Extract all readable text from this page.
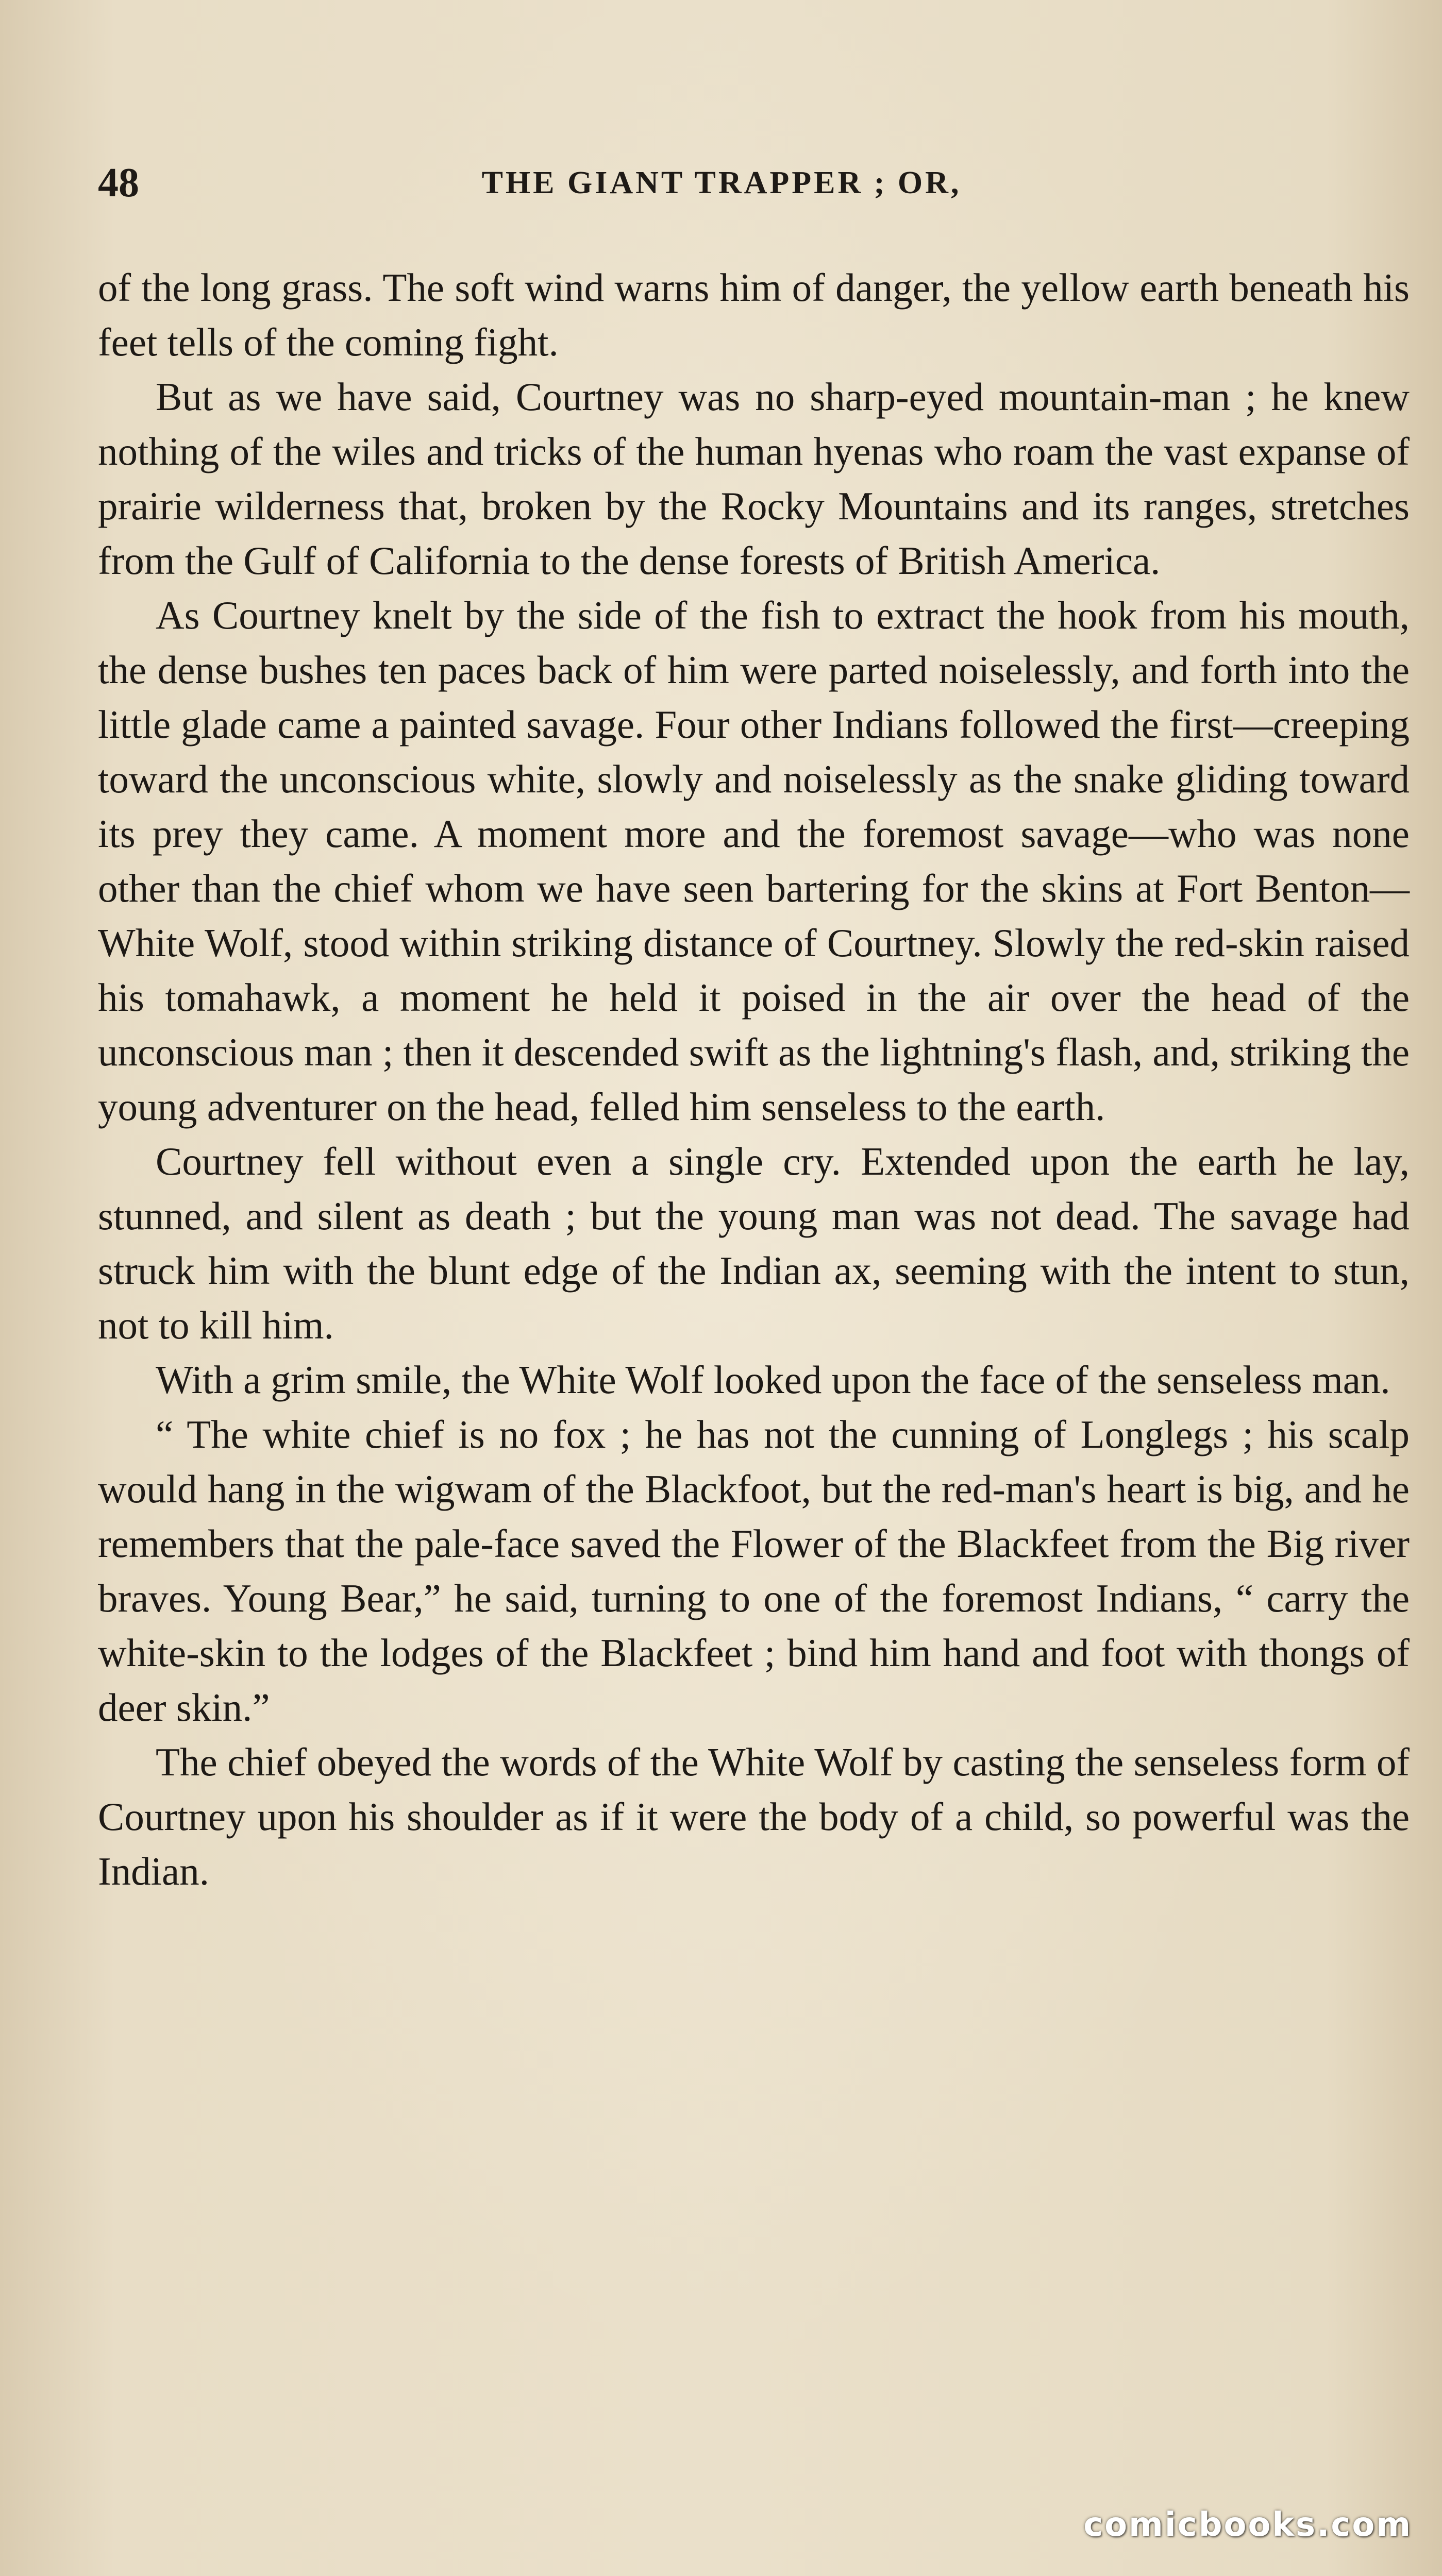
48	THE GIANT TRAPPER ; OR,

of the long grass. The soft wind warns him of danger, the yellow earth beneath his feet tells of the coming fight.

But as we have said, Courtney was no sharp-eyed mountain-man ; he knew nothing of the wiles and tricks of the human hyenas who roam the vast expanse of prairie wilderness that, broken by the Rocky Mountains and its ranges, stretches from the Gulf of California to the dense forests of British America.

As Courtney knelt by the side of the fish to extract the hook from his mouth, the dense bushes ten paces back of him were parted noiselessly, and forth into the little glade came a painted savage. Four other Indians followed the first—creeping toward the unconscious white, slowly and noiselessly as the snake gliding toward its prey they came. A moment more and the foremost savage—who was none other than the chief whom we have seen bartering for the skins at Fort Benton—White Wolf, stood within striking distance of Courtney. Slowly the red-skin raised his tomahawk, a moment he held it poised in the air over the head of the unconscious man ; then it descended swift as the lightning's flash, and, striking the young adventurer on the head, felled him senseless to the earth.

Courtney fell without even a single cry. Extended upon the earth he lay, stunned, and silent as death ; but the young man was not dead. The savage had struck him with the blunt edge of the Indian ax, seeming with the intent to stun, not to kill him.

With a grim smile, the White Wolf looked upon the face of the senseless man.

“ The white chief is no fox ; he has not the cunning of Longlegs ; his scalp would hang in the wigwam of the Blackfoot, but the red-man's heart is big, and he remembers that the pale-face saved the Flower of the Blackfeet from the Big river braves. Young Bear,” he said, turning to one of the foremost Indians, “ carry the white-skin to the lodges of the Blackfeet ; bind him hand and foot with thongs of deer skin.”

The chief obeyed the words of the White Wolf by casting the senseless form of Courtney upon his shoulder as if it were the body of a child, so powerful was the Indian.

comicbooks.com
